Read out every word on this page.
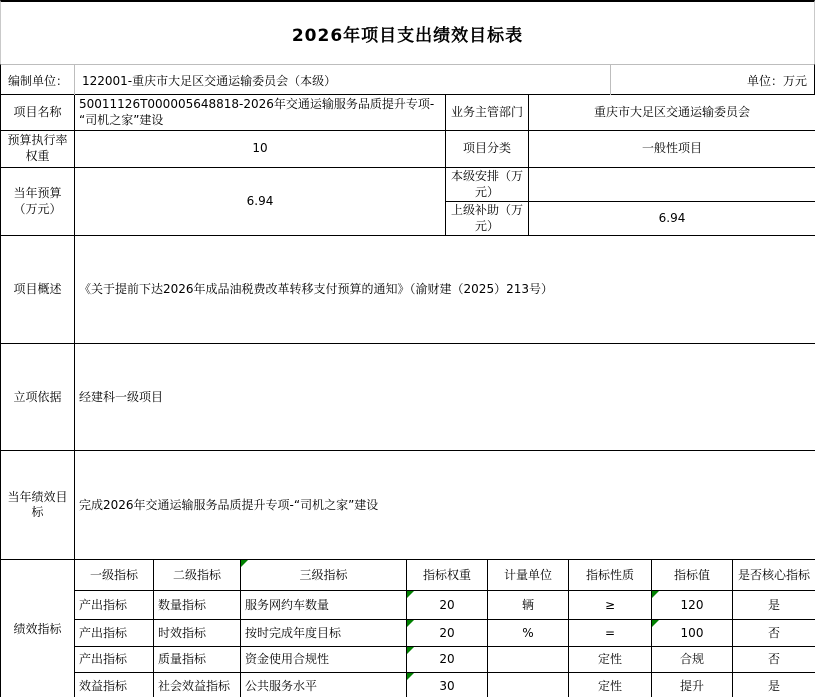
2026年项目支出绩效目标表
编制单位：	122001-重庆市大足区交通运输委员会（本级）	单位：万元
项目名称	50011126T000005648818-2026年交通运输服务品质提升专项-“司机之家”建设	业务主管部门	重庆市大足区交通运输委员会
预算执行率权重	10	项目分类	一般性项目
当年预算（万元）	6.94	本级安排（万元）	
		上级补助（万元）	6.94
项目概述	《关于提前下达2026年成品油税费改革转移支付预算的通知》（渝财建（2025）213号）
立项依据	经建科一级项目
当年绩效目标	完成2026年交通运输服务品质提升专项-“司机之家”建设
绩效指标	一级指标	二级指标	三级指标	指标权重	计量单位	指标性质	指标值	是否核心指标
	产出指标	数量指标	服务网约车数量	20	辆	≥	120	是
	产出指标	时效指标	按时完成年度目标	20	%	=	100	否
	产出指标	质量指标	资金使用合规性	20		定性	合规	否
	效益指标	社会效益指标	公共服务水平	30		定性	提升	是
